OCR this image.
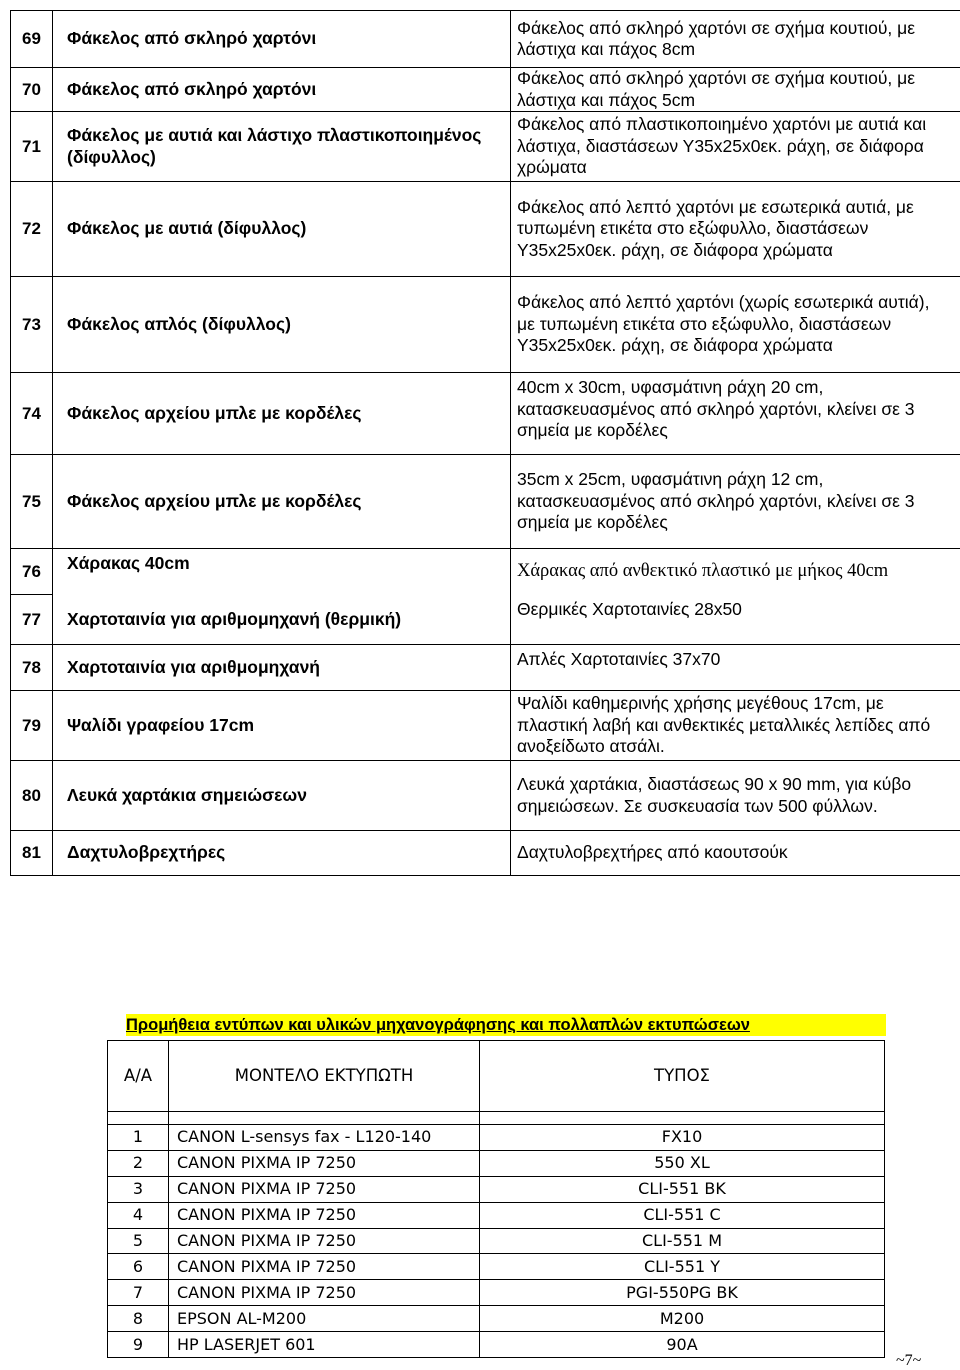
69	Φάκελος από σκληρό χαρτόνι	Φάκελος από σκληρό χαρτόνι σε σχήμα κουτιού, με λάστιχα και πάχος 8cm
70	Φάκελος από σκληρό χαρτόνι	Φάκελος από σκληρό χαρτόνι σε σχήμα κουτιού, με λάστιχα και πάχος 5cm
71	Φάκελος με αυτιά και λάστιχο πλαστικοποιημένος (δίφυλλος)	Φάκελος από πλαστικοποιημένο χαρτόνι με αυτιά και λάστιχα, διαστάσεων Υ35x25x0εκ. ράχη, σε διάφορα χρώματα
72	Φάκελος με αυτιά (δίφυλλος)	Φάκελος από λεπτό χαρτόνι με εσωτερικά αυτιά, με τυπωμένη ετικέτα στο εξώφυλλο, διαστάσεων Υ35x25x0εκ. ράχη, σε διάφορα χρώματα
73	Φάκελος απλός (δίφυλλος)	Φάκελος από λεπτό χαρτόνι (χωρίς εσωτερικά αυτιά), με τυπωμένη ετικέτα στο εξώφυλλο, διαστάσεων Υ35x25x0εκ. ράχη, σε διάφορα χρώματα
74	Φάκελος αρχείου μπλε με κορδέλες	40cm x 30cm, υφασμάτινη ράχη 20 cm, κατασκευασμένος από σκληρό χαρτόνι, κλείνει σε 3 σημεία με κορδέλες
75	Φάκελος αρχείου μπλε με κορδέλες	35cm x 25cm, υφασμάτινη ράχη 12 cm, κατασκευασμένος από σκληρό χαρτόνι, κλείνει σε 3 σημεία με κορδέλες
76	Χάρακας 40cm	Χάρακας από ανθεκτικό πλαστικό με μήκος 40cm
77	Χαρτοταινία για αριθμομηχανή (θερμική)	Θερμικές Χαρτοταινίες 28x50
78	Χαρτοταινία για αριθμομηχανή	Απλές Χαρτοταινίες 37x70
79	Ψαλίδι γραφείου 17cm	Ψαλίδι καθημερινής χρήσης μεγέθους 17cm, με πλαστική λαβή και ανθεκτικές μεταλλικές λεπίδες από ανοξείδωτο ατσάλι.
80	Λευκά χαρτάκια σημειώσεων	Λευκά χαρτάκια, διαστάσεως 90 x 90 mm, για κύβο σημειώσεων. Σε συσκευασία των 500 φύλλων.
81	Δαχτυλοβρεχτήρες	Δαχτυλοβρεχτήρες από καουτσούκ
Προμήθεια εντύπων και υλικών μηχανογράφησης και πολλαπλών εκτυπώσεων
Α/Α	ΜΟΝΤΕΛΟ ΕΚΤΥΠΩΤΗ	ΤΥΠΟΣ

1	CANON L-sensys fax - L120-140	FX10
2	CANON PIXMA IP 7250	550 XL
3	CANON PIXMA IP 7250	CLI-551 BK
4	CANON PIXMA IP 7250	CLI-551 C
5	CANON PIXMA IP 7250	CLI-551 M
6	CANON PIXMA IP 7250	CLI-551 Y
7	CANON PIXMA IP 7250	PGI-550PG BK
8	EPSON AL-M200	M200
9	HP LASERJET 601	90A
~7~
